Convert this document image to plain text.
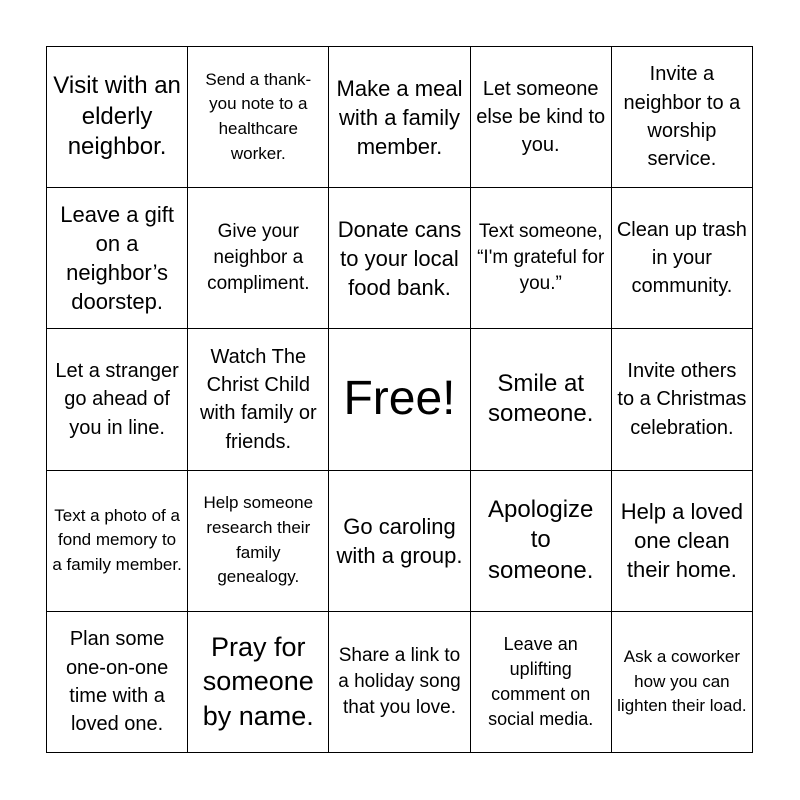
Visit with an elderly neighbor.
Send a thank-you note to a healthcare worker.
Make a meal with a family member.
Let someone else be kind to you.
Invite a neighbor to a worship service.
Leave a gift on a neighbor’s doorstep.
Give your neighbor a compliment.
Donate cans to your local food bank.
Text someone, “I'm grateful for you.”
Clean up trash in your community.
Let a stranger go ahead of you in line.
Watch The Christ Child with family or friends.
Free!	Smile at someone.
Invite others to a Christmas celebration.
Text a photo of a fond memory to a family member.
Help someone research their family genealogy.
Go caroling with a group.
Apologize to someone.
Help a loved one clean their home.
Plan some one-on-one time with a loved one.
Pray for someone by name.
Share a link to a holiday song that you love.
Leave an uplifting comment on social media.
Ask a coworker how you can lighten their load.
